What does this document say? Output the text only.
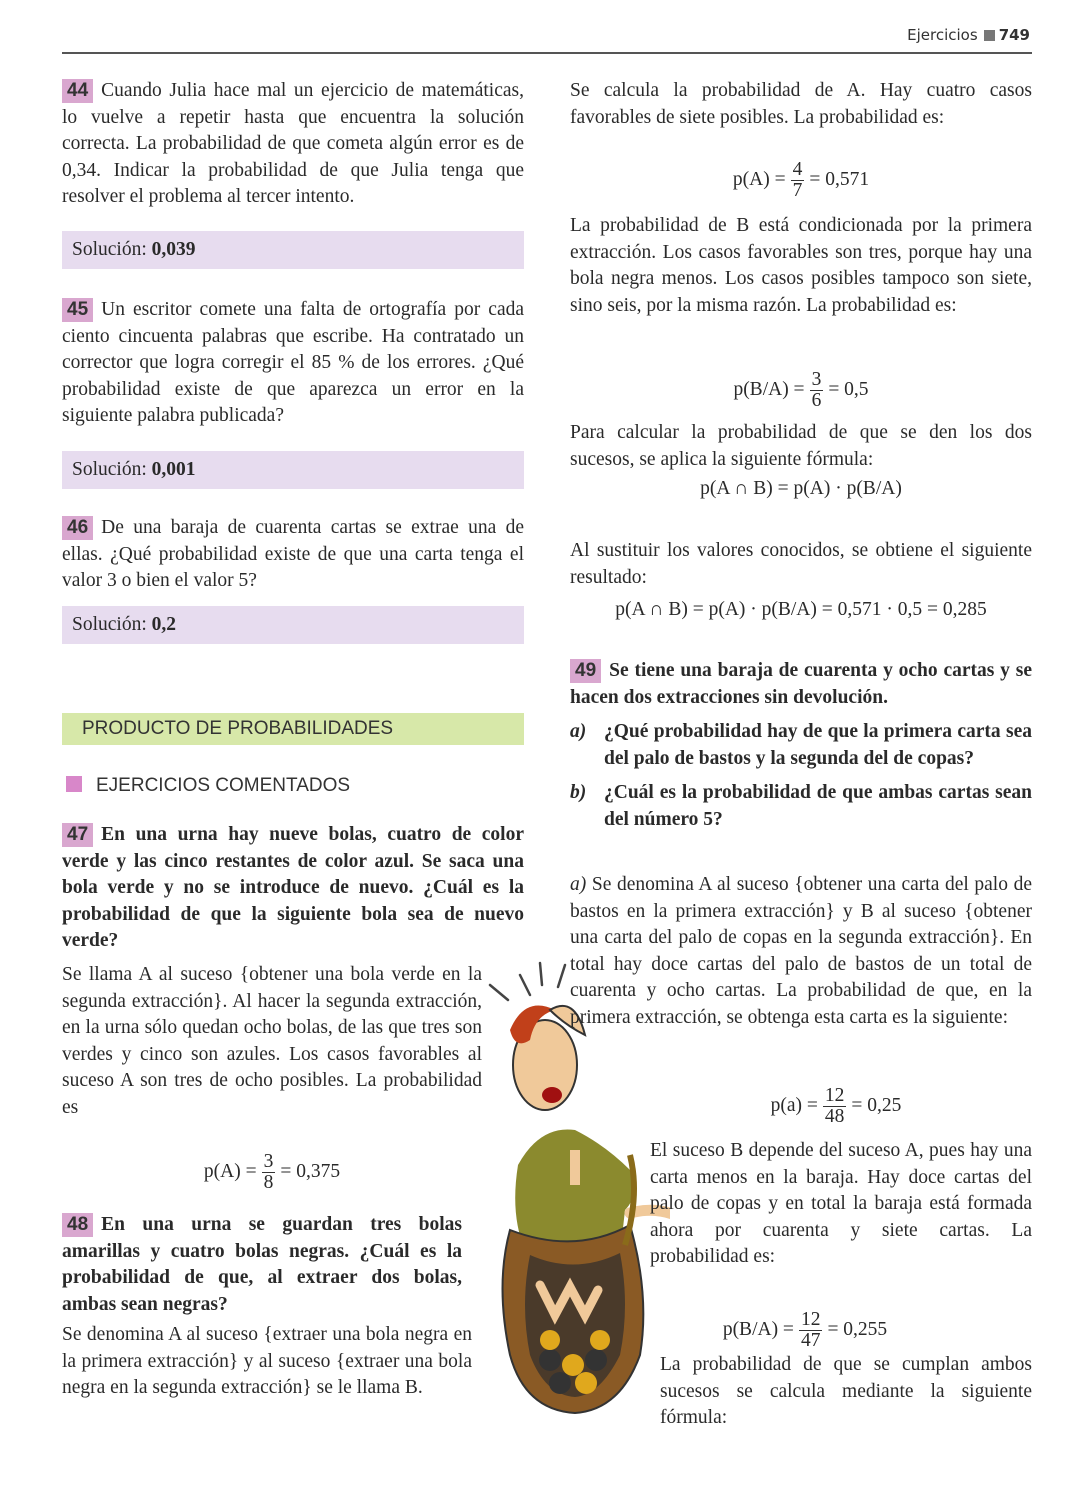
Ejercicios 749

44 Cuando Julia hace mal un ejercicio de matemáticas, lo vuelve a repetir hasta que encuentra la solución correcta. La probabilidad de que cometa algún error es de 0,34. Indicar la probabilidad de que Julia tenga que resolver el problema al tercer intento.

Solución: 0,039

45 Un escritor comete una falta de ortografía por cada ciento cincuenta palabras que escribe. Ha contratado un corrector que logra corregir el 85 % de los errores. ¿Qué probabilidad existe de que aparezca un error en la siguiente palabra publicada?

Solución: 0,001

46 De una baraja de cuarenta cartas se extrae una de ellas. ¿Qué probabilidad existe de que una carta tenga el valor 3 o bien el valor 5?

Solución: 0,2
PRODUCTO DE PROBABILIDADES
EJERCICIOS COMENTADOS

47 En una urna hay nueve bolas, cuatro de color verde y las cinco restantes de color azul. Se saca una bola verde y no se introduce de nuevo. ¿Cuál es la probabilidad de que la siguiente bola sea de nuevo verde?

Se llama A al suceso {obtener una bola verde en la segunda extracción}. Al hacer la segunda extracción, en la urna sólo quedan ocho bolas, de las que tres son verdes y cinco son azules. Los casos favorables al suceso A son tres de ocho posibles. La probabilidad es

$p(A) = \frac{3}{8} = 0,375$

48 En una urna se guardan tres bolas amarillas y cuatro bolas negras. ¿Cuál es la probabilidad de que, al extraer dos bolas, ambas sean negras?

Se denomina A al suceso {extraer una bola negra en la primera extracción} y al suceso {extraer una bola negra en la segunda extracción} se le llama B.

Se calcula la probabilidad de A. Hay cuatro casos favorables de siete posibles. La probabilidad es:

$p(A) = \frac{4}{7} = 0,571$

La probabilidad de B está condicionada por la primera extracción. Los casos favorables son tres, porque hay una bola negra menos. Los casos posibles tampoco son siete, sino seis, por la misma razón. La probabilidad es:

$p(B/A) = \frac{3}{6} = 0,5$

Para calcular la probabilidad de que se den los dos sucesos, se aplica la siguiente fórmula:

p(A ∩ B) = p(A) · p(B/A)

Al sustituir los valores conocidos, se obtiene el siguiente resultado:

p(A ∩ B) = p(A) · p(B/A) = 0,571 · 0,5 = 0,285

49 Se tiene una baraja de cuarenta y ocho cartas y se hacen dos extracciones sin devolución.

a) ¿Qué probabilidad hay de que la primera carta sea del palo de bastos y la segunda del de copas?
b) ¿Cuál es la probabilidad de que ambas cartas sean del número 5?

a) Se denomina A al suceso {obtener una carta del palo de bastos en la primera extracción} y B al suceso {obtener una carta del palo de copas en la segunda extracción}. En total hay doce cartas del palo de bastos de un total de cuarenta y ocho cartas. La probabilidad de que, en la primera extracción, se obtenga esta carta es la siguiente:

$p(a) = \frac{12}{48} = 0,25$

El suceso B depende del suceso A, pues hay una carta menos en la baraja. Hay doce cartas del palo de copas y en total la baraja está formada ahora por cuarenta y siete cartas. La probabilidad es:

$p(B/A) = \frac{12}{47} = 0,255$

La probabilidad de que se cumplan ambos sucesos se calcula mediante la siguiente fórmula:
